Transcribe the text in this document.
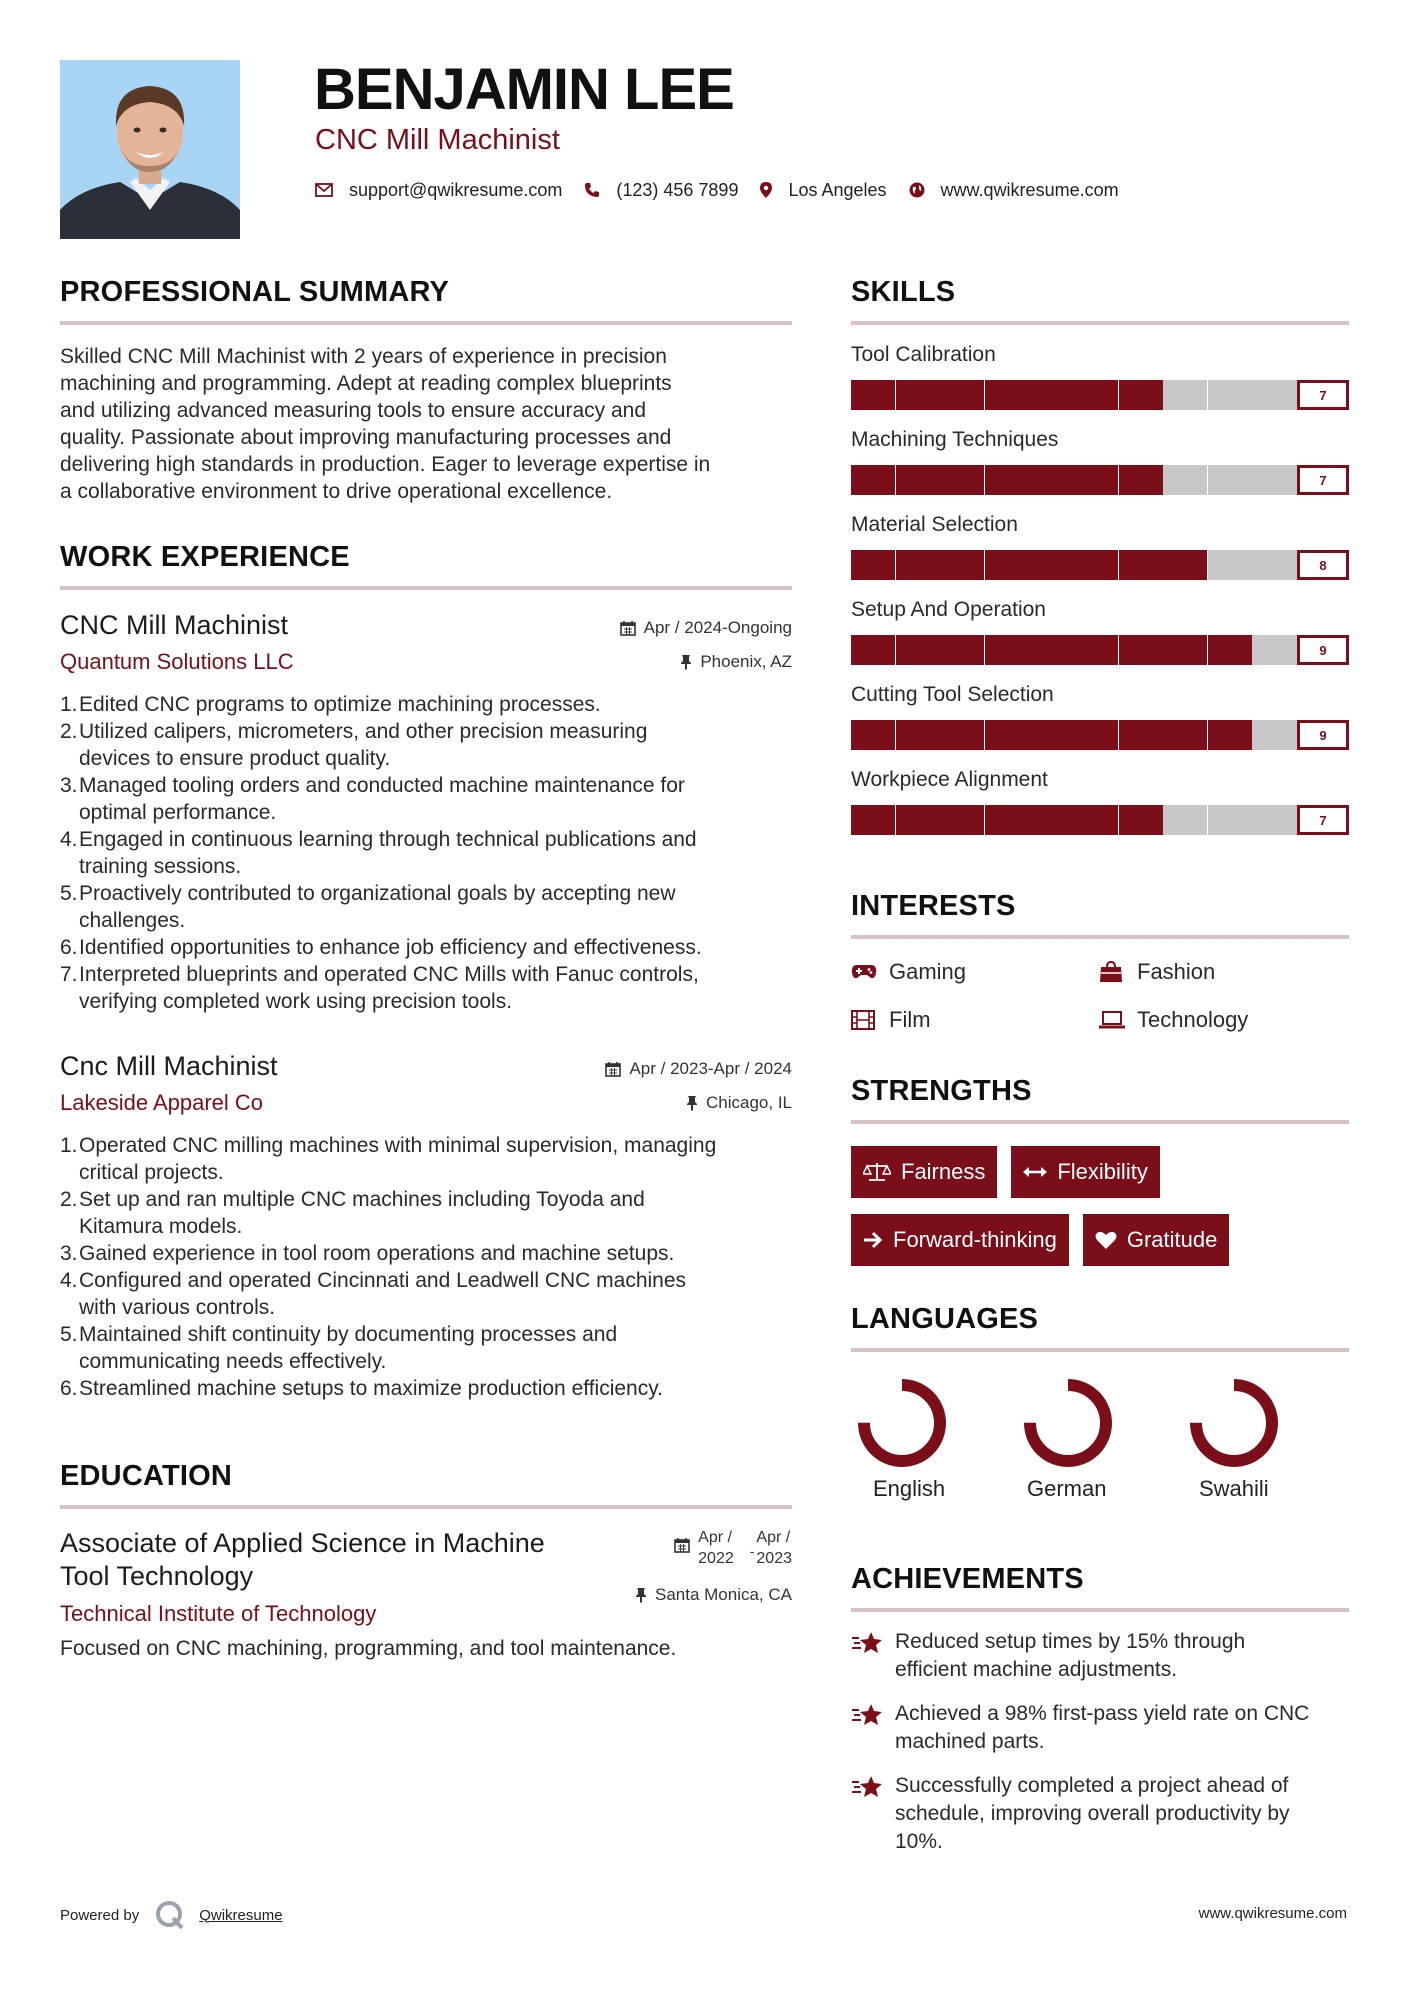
BENJAMIN LEE
CNC Mill Machinist
support@qwikresume.com	(123) 456 7899	Los Angeles	www.qwikresume.com
PROFESSIONAL SUMMARY
Skilled CNC Mill Machinist with 2 years of experience in precision
machining and programming. Adept at reading complex blueprints
and utilizing advanced measuring tools to ensure accuracy and
quality. Passionate about improving manufacturing processes and
delivering high standards in production. Eager to leverage expertise in
a collaborative environment to drive operational excellence.
WORK EXPERIENCE
CNC Mill Machinist
Quantum Solutions LLC
Apr / 2024-Ongoing
Phoenix, AZ
1. Edited CNC programs to optimize machining processes.
2. Utilized calipers, micrometers, and other precision measuring
devices to ensure product quality.
3. Managed tooling orders and conducted machine maintenance for
optimal performance.
4. Engaged in continuous learning through technical publications and
training sessions.
5. Proactively contributed to organizational goals by accepting new
challenges.
6. Identified opportunities to enhance job efficiency and effectiveness.
7. Interpreted blueprints and operated CNC Mills with Fanuc controls,
verifying completed work using precision tools.
Cnc Mill Machinist
Lakeside Apparel Co
Apr / 2023-Apr / 2024
Chicago, IL
1. Operated CNC milling machines with minimal supervision, managing
critical projects.
2. Set up and ran multiple CNC machines including Toyoda and
Kitamura models.
3. Gained experience in tool room operations and machine setups.
4. Configured and operated Cincinnati and Leadwell CNC machines
with various controls.
5. Maintained shift continuity by documenting processes and
communicating needs effectively.
6. Streamlined machine setups to maximize production efficiency.
EDUCATION
Associate of Applied Science in Machine
Tool Technology
Technical Institute of Technology
Apr /
2022 -
Apr /
2023
Santa Monica, CA
Focused on CNC machining, programming, and tool maintenance.
SKILLS
Tool Calibration
7
Machining Techniques
7
Material Selection
8
Setup And Operation
9
Cutting Tool Selection
9
Workpiece Alignment
7
INTERESTS
Gaming	Fashion
Film	Technology
STRENGTHS
Fairness	Flexibility
Forward-thinking	Gratitude
LANGUAGES
English	German	Swahili
ACHIEVEMENTS
Reduced setup times by 15% through
efficient machine adjustments.
Achieved a 98% first-pass yield rate on CNC
machined parts.
Successfully completed a project ahead of
schedule, improving overall productivity by
10%.
Powered by	Qwikresume	www.qwikresume.com
